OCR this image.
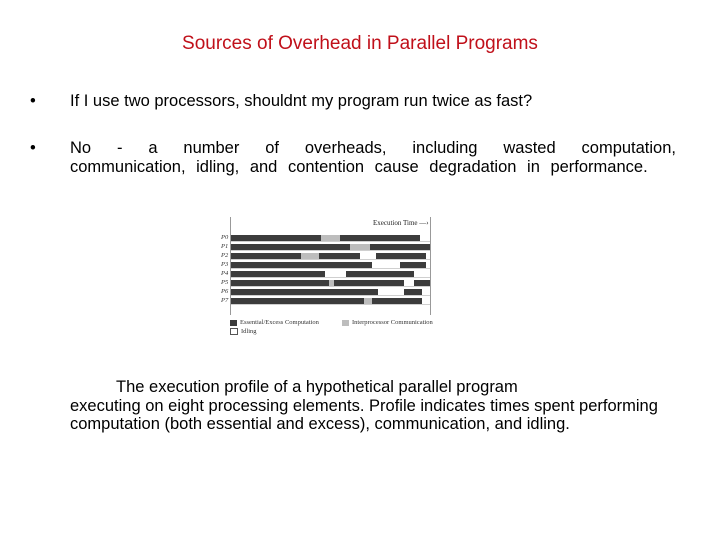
Sources of Overhead in Parallel Programs
• If I use two processors, shouldnt my program run twice as fast?
• No - a number of overheads, including wasted computation, communication, idling, and contention cause degradation in performance.
Execution Time —›
P0
P1
P2
P3
P4
P5
P6
P7
Essential/Excess Computation	Interprocessor Communication
Idling
The execution profile of a hypothetical parallel program
executing on eight processing elements. Profile indicates times spent performing computation (both essential and excess), communication, and idling.
